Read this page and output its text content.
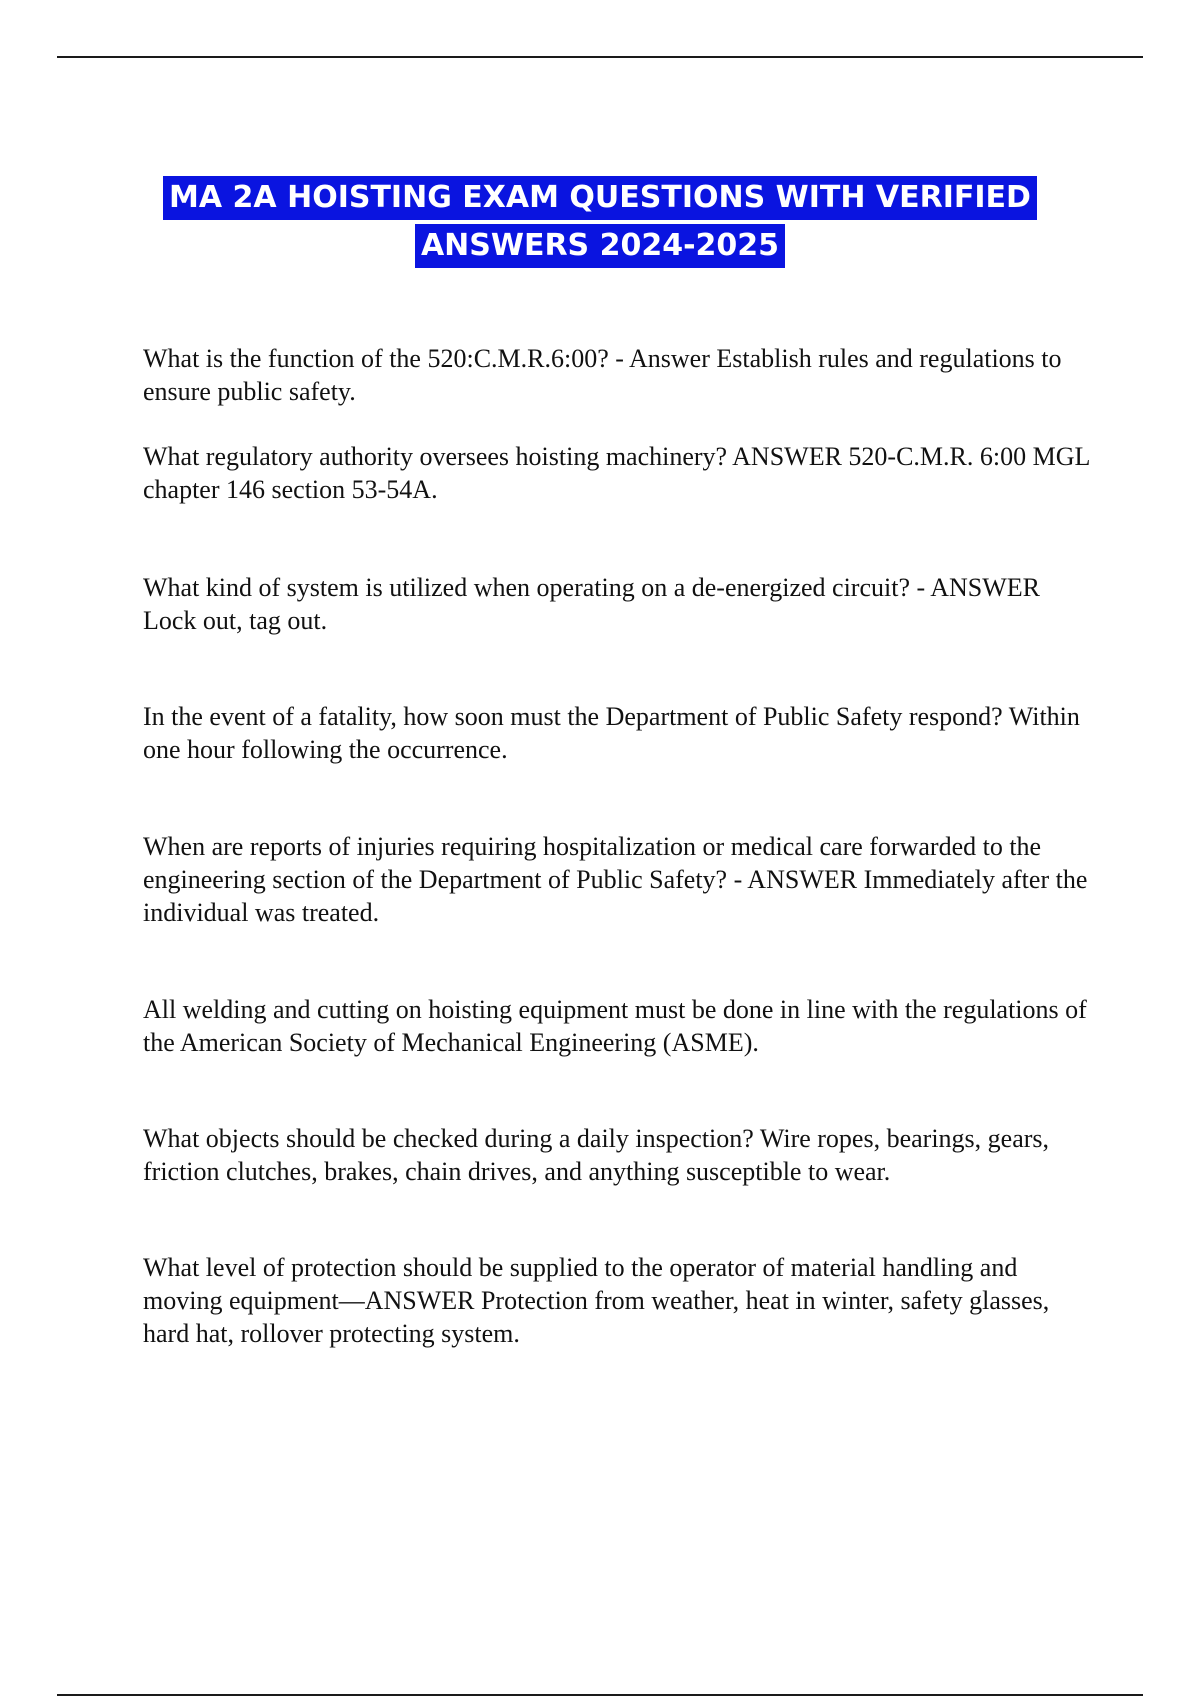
MA 2A HOISTING EXAM QUESTIONS WITH VERIFIED
ANSWERS 2024-2025

What is the function of the 520:C.M.R.6:00? - Answer Establish rules and regulations to ensure public safety.

What regulatory authority oversees hoisting machinery? ANSWER 520-C.M.R. 6:00 MGL chapter 146 section 53-54A.

What kind of system is utilized when operating on a de-energized circuit? - ANSWER Lock out, tag out.

In the event of a fatality, how soon must the Department of Public Safety respond? Within one hour following the occurrence.

When are reports of injuries requiring hospitalization or medical care forwarded to the engineering section of the Department of Public Safety? - ANSWER Immediately after the individual was treated.

All welding and cutting on hoisting equipment must be done in line with the regulations of the American Society of Mechanical Engineering (ASME).

What objects should be checked during a daily inspection? Wire ropes, bearings, gears, friction clutches, brakes, chain drives, and anything susceptible to wear.

What level of protection should be supplied to the operator of material handling and moving equipment—ANSWER Protection from weather, heat in winter, safety glasses, hard hat, rollover protecting system.
